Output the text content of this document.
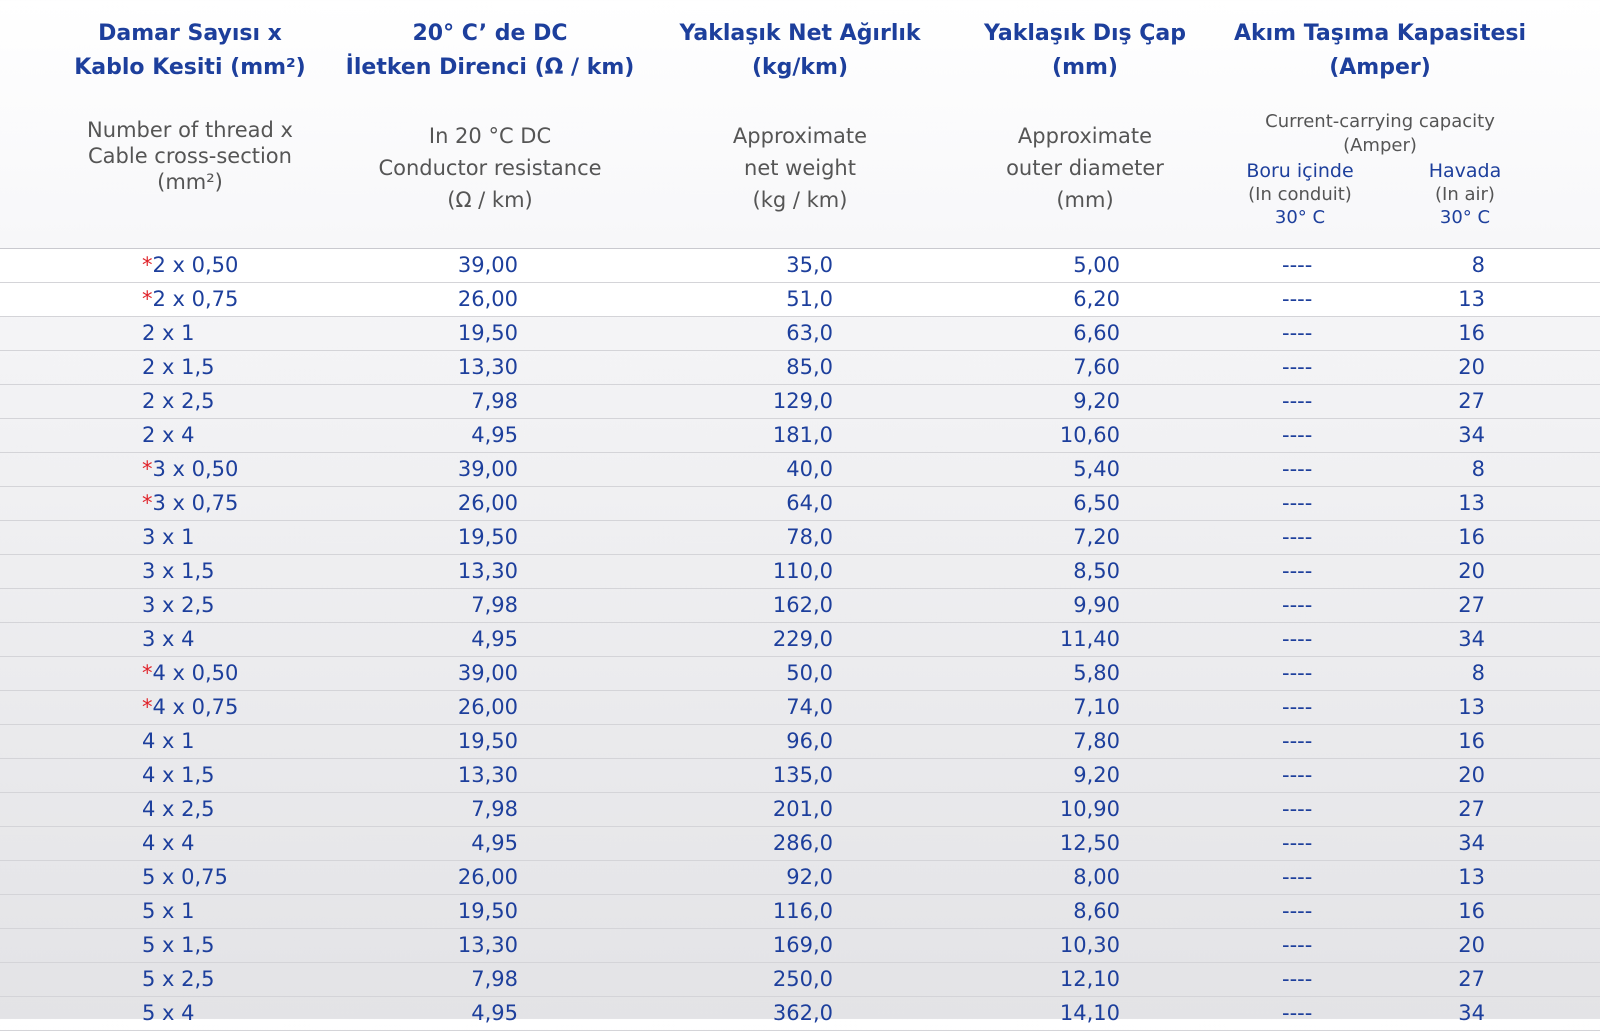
Damar Sayısı x
Kablo Kesiti (mm²)
20° C’ de DC
İletken Direnci (Ω / km)
Yaklaşık Net Ağırlık
(kg/km)
Yaklaşık Dış Çap
(mm)
Akım Taşıma Kapasitesi
(Amper)
Number of thread x
Cable cross-section
(mm²)
In 20 °C DC
Conductor resistance
(Ω / km)
Approximate
net weight
(kg / km)
Approximate
outer diameter
(mm)
Current-carrying capacity
(Amper)
Boru içinde
(In conduit)
30° C
Havada
(In air)
30° C
*2 x 0,50	39,00	35,0	5,00	----	8
*2 x 0,75	26,00	51,0	6,20	----	13
2 x 1	19,50	63,0	6,60	----	16
2 x 1,5	13,30	85,0	7,60	----	20
2 x 2,5	7,98	129,0	9,20	----	27
2 x 4	4,95	181,0	10,60	----	34
*3 x 0,50	39,00	40,0	5,40	----	8
*3 x 0,75	26,00	64,0	6,50	----	13
3 x 1	19,50	78,0	7,20	----	16
3 x 1,5	13,30	110,0	8,50	----	20
3 x 2,5	7,98	162,0	9,90	----	27
3 x 4	4,95	229,0	11,40	----	34
*4 x 0,50	39,00	50,0	5,80	----	8
*4 x 0,75	26,00	74,0	7,10	----	13
4 x 1	19,50	96,0	7,80	----	16
4 x 1,5	13,30	135,0	9,20	----	20
4 x 2,5	7,98	201,0	10,90	----	27
4 x 4	4,95	286,0	12,50	----	34
5 x 0,75	26,00	92,0	8,00	----	13
5 x 1	19,50	116,0	8,60	----	16
5 x 1,5	13,30	169,0	10,30	----	20
5 x 2,5	7,98	250,0	12,10	----	27
5 x 4	4,95	362,0	14,10	----	34
